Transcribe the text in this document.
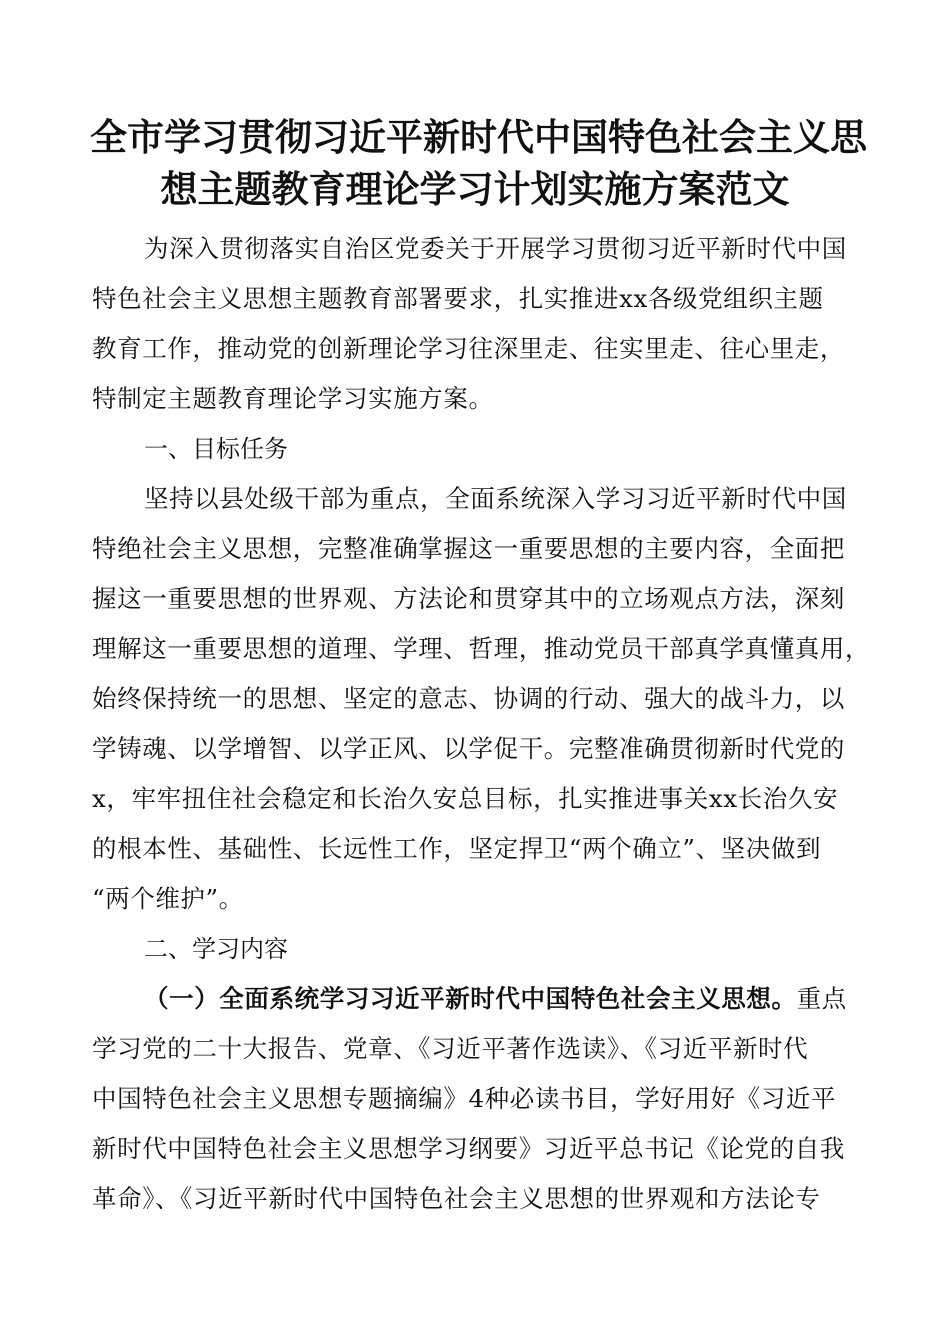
全市学习贯彻习近平新时代中国特色社会主义思
想主题教育理论学习计划实施方案范文

为深入贯彻落实自治区党委关于开展学习贯彻习近平新时代中国

特色社会主义思想主题教育部署要求，扎实推进xx各级党组织主题

教育工作，推动党的创新理论学习往深里走、往实里走、往心里走，

特制定主题教育理论学习实施方案。

一、目标任务

坚持以县处级干部为重点，全面系统深入学习习近平新时代中国

特绝社会主义思想，完整准确掌握这一重要思想的主要内容，全面把

握这一重要思想的世界观、方法论和贯穿其中的立场观点方法，深刻

理解这一重要思想的道理、学理、哲理，推动党员干部真学真懂真用，

始终保持统一的思想、坚定的意志、协调的行动、强大的战斗力，以

学铸魂、以学增智、以学正风、以学促干。完整准确贯彻新时代党的

x，牢牢扭住社会稳定和长治久安总目标，扎实推进事关xx长治久安

的根本性、基础性、长远性工作，坚定捍卫“两个确立”、坚决做到

“两个维护”。

二、学习内容

（一）全面系统学习习近平新时代中国特色社会主义思想。重点

学习党的二十大报告、党章、《习近平著作选读》、《习近平新时代

中国特色社会主义思想专题摘编》4种必读书目，学好用好《习近平

新时代中国特色社会主义思想学习纲要》习近平总书记《论党的自我

革命》、《习近平新时代中国特色社会主义思想的世界观和方法论专
